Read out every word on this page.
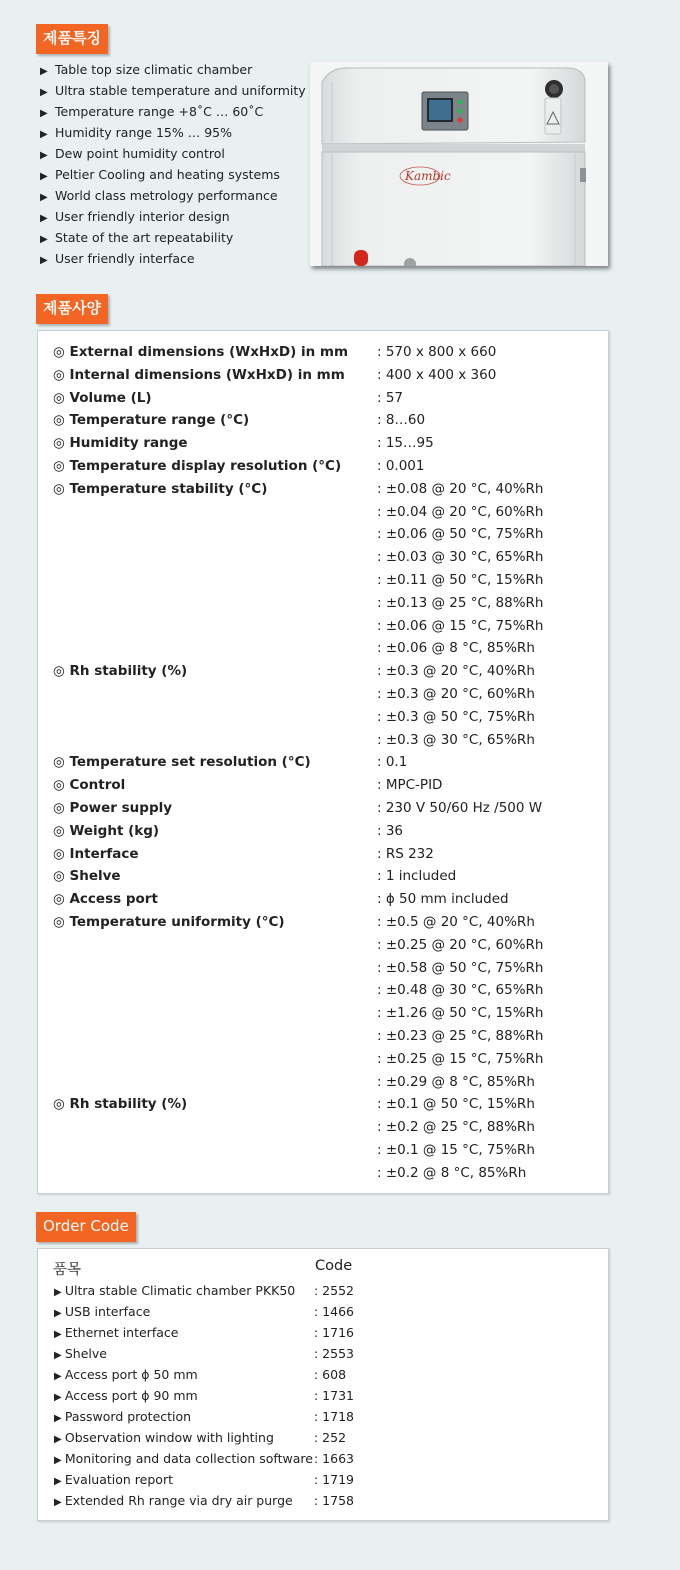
제품특징
▶ Table top size climatic chamber
▶ Ultra stable temperature and uniformity
▶ Temperature range +8˚C … 60˚C
▶ Humidity range 15% … 95%
▶ Dew point humidity control
▶ Peltier Cooling and heating systems
▶ World class metrology performance
▶ User friendly interior design
▶ State of the art repeatability
▶ User friendly interface
Kambic
제품사양
◎ External dimensions (WxHxD) in mm : 570 x 800 x 660
◎ Internal dimensions (WxHxD) in mm : 400 x 400 x 360
◎ Volume (L)	: 57
◎ Temperature range (°C)	: 8…60
◎ Humidity range	: 15…95
◎ Temperature display resolution (°C)	: 0.001
◎ Temperature stability (°C)	: ±0.08 @ 20 °C, 40%Rh
: ±0.04 @ 20 °C, 60%Rh
: ±0.06 @ 50 °C, 75%Rh
: ±0.03 @ 30 °C, 65%Rh
: ±0.11 @ 50 °C, 15%Rh
: ±0.13 @ 25 °C, 88%Rh
: ±0.06 @ 15 °C, 75%Rh
: ±0.06 @ 8 °C, 85%Rh
◎ Rh stability (%)	: ±0.3 @ 20 °C, 40%Rh
: ±0.3 @ 20 °C, 60%Rh
: ±0.3 @ 50 °C, 75%Rh
: ±0.3 @ 30 °C, 65%Rh
◎ Temperature set resolution (°C)	: 0.1
◎ Control	: MPC-PID
◎ Power supply	: 230 V 50/60 Hz /500 W
◎ Weight (kg)	: 36
◎ Interface	: RS 232
◎ Shelve	: 1 included
◎ Access port	: ϕ 50 mm included
◎ Temperature uniformity (°C)	: ±0.5 @ 20 °C, 40%Rh
: ±0.25 @ 20 °C, 60%Rh
: ±0.58 @ 50 °C, 75%Rh
: ±0.48 @ 30 °C, 65%Rh
: ±1.26 @ 50 °C, 15%Rh
: ±0.23 @ 25 °C, 88%Rh
: ±0.25 @ 15 °C, 75%Rh
: ±0.29 @ 8 °C, 85%Rh
◎ Rh stability (%)	: ±0.1 @ 50 °C, 15%Rh
: ±0.2 @ 25 °C, 88%Rh
: ±0.1 @ 15 °C, 75%Rh
: ±0.2 @ 8 °C, 85%Rh
Order Code
품목	Code
▶ Ultra stable Climatic chamber PKK50 : 2552
▶ USB interface	: 1466
▶ Ethernet interface	: 1716
▶ Shelve	: 2553
▶ Access port ϕ 50 mm	: 608
▶ Access port ϕ 90 mm	: 1731
▶ Password protection	: 1718
▶ Observation window with lighting	: 252
▶ Monitoring and data collection software : 1663
▶ Evaluation report	: 1719
▶ Extended Rh range via dry air purge : 1758
